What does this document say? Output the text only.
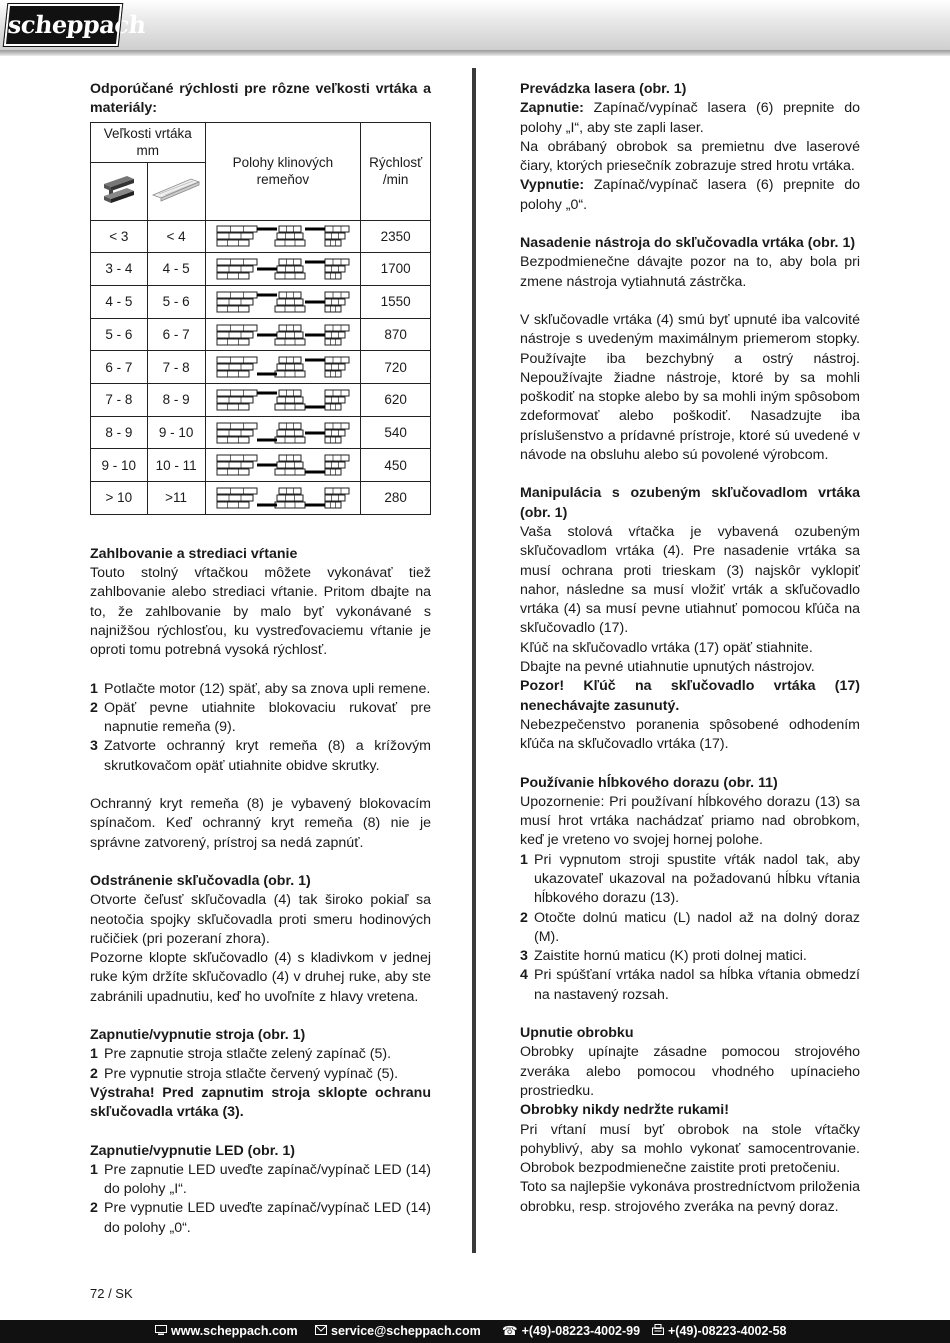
scheppach

Odporúčané rýchlosti pre rôzne veľkosti vrtáka a materiály:

Veľkosti vrtáka mm		Polohy klinových remeňov	Rýchlosť /min

< 3	< 4		2350
3 - 4	4 - 5		1700
4 - 5	5 - 6		1550
5 - 6	6 - 7		870
6 - 7	7 - 8		720
7 - 8	8 - 9		620
8 - 9	9 - 10		540
9 - 10	10 - 11		450
> 10	>11		280

Zahlbovanie a strediaci vŕtanie

Touto stolný vŕtačkou môžete vykonávať tiež zahlbovanie alebo strediaci vŕtanie. Pritom dbajte na to, že zahlbovanie by malo byť vykonávané s najnižšou rýchlosťou, ku vystreďovaciemu vŕtanie je oproti tomu potrebná vysoká rýchlosť.

1 Potlačte motor (12) späť, aby sa znova upli remene.
2 Opäť pevne utiahnite blokovaciu rukovať pre napnutie remeňa (9).
3 Zatvorte ochranný kryt remeňa (8) a krížovým skrutkovačom opäť utiahnite obidve skrutky.

Ochranný kryt remeňa (8) je vybavený blokovacím spínačom. Keď ochranný kryt remeňa (8) nie je správne zatvorený, prístroj sa nedá zapnúť.

Odstránenie skľučovadla (obr. 1)

Otvorte čeľusť skľučovadla (4) tak široko pokiaľ sa neotočia spojky skľučovadla proti smeru hodinových ručičiek (pri pozeraní zhora).

Pozorne klopte skľučovadlo (4) s kladivkom v jednej ruke kým držíte skľučovadlo (4) v druhej ruke, aby ste zabránili upadnutiu, keď ho uvoľníte z hlavy vretena.

Zapnutie/vypnutie stroja (obr. 1)

1 Pre zapnutie stroja stlačte zelený zapínač (5).
2 Pre vypnutie stroja stlačte červený vypínač (5).

Výstraha! Pred zapnutim stroja sklopte ochranu skľučovadla vrtáka (3).

Zapnutie/vypnutie LED (obr. 1)

1 Pre zapnutie LED uveďte zapínač/vypínač LED (14) do polohy „I“.
2 Pre vypnutie LED uveďte zapínač/vypínač LED (14) do polohy „0“.

Prevádzka lasera (obr. 1)

Zapnutie: Zapínač/vypínač lasera (6) prepnite do polohy „I“, aby ste zapli laser.

Na obrábaný obrobok sa premietnu dve laserové čiary, ktorých priesečník zobrazuje stred hrotu vrtáka.

Vypnutie: Zapínač/vypínač lasera (6) prepnite do polohy „0“.

Nasadenie nástroja do skľučovadla vrtáka (obr. 1)

Bezpodmienečne dávajte pozor na to, aby bola pri zmene nástroja vytiahnutá zástrčka.

V skľučovadle vrtáka (4) smú byť upnuté iba valcovité nástroje s uvedeným maximálnym priemerom stopky. Používajte iba bezchybný a ostrý nástroj. Nepoužívajte žiadne nástroje, ktoré by sa mohli poškodiť na stopke alebo by sa mohli iným spôsobom zdeformovať alebo poškodiť. Nasadzujte iba príslušenstvo a prídavné prístroje, ktoré sú uvedené v návode na obsluhu alebo sú povolené výrobcom.

Manipulácia s ozubeným skľučovadlom vrtáka (obr. 1)

Vaša stolová vŕtačka je vybavená ozubeným skľučovadlom vrtáka (4). Pre nasadenie vrtáka sa musí ochrana proti trieskam (3) najskôr vyklopiť nahor, následne sa musí vložiť vrták a skľučovadlo vrtáka (4) sa musí pevne utiahnuť pomocou kľúča na skľučovadlo (17).

Kľúč na skľučovadlo vrtáka (17) opäť stiahnite.

Dbajte na pevné utiahnutie upnutých nástrojov.

Pozor! Kľúč na skľučovadlo vrtáka (17) nenechávajte zasunutý.

Nebezpečenstvo poranenia spôsobené odhodením kľúča na skľučovadlo vrtáka (17).

Používanie hĺbkového dorazu (obr. 11)

Upozornenie: Pri používaní hĺbkového dorazu (13) sa musí hrot vrtáka nachádzať priamo nad obrobkom, keď je vreteno vo svojej hornej polohe.

1 Pri vypnutom stroji spustite vŕták nadol tak, aby ukazovateľ ukazoval na požadovanú hĺbku vŕtania hĺbkového dorazu (13).
2 Otočte dolnú maticu (L) nadol až na dolný doraz (M).
3 Zaistite hornú maticu (K) proti dolnej matici.
4 Pri spúšťaní vrtáka nadol sa hĺbka vŕtania obmedzí na nastavený rozsah.

Upnutie obrobku

Obrobky upínajte zásadne pomocou strojového zveráka alebo pomocou vhodného upínacieho prostriedku.

Obrobky nikdy nedržte rukami!

Pri vŕtaní musí byť obrobok na stole vŕtačky pohyblivý, aby sa mohlo vykonať samocentrovanie. Obrobok bezpodmienečne zaistite proti pretočeniu.

Toto sa najlepšie vykonáva prostredníctvom priloženia obrobku, resp. strojového zveráka na pevný doraz.

72 / SK
www.scheppach.com	service@scheppach.com ☎ +(49)-08223-4002-99	+(49)-08223-4002-58
